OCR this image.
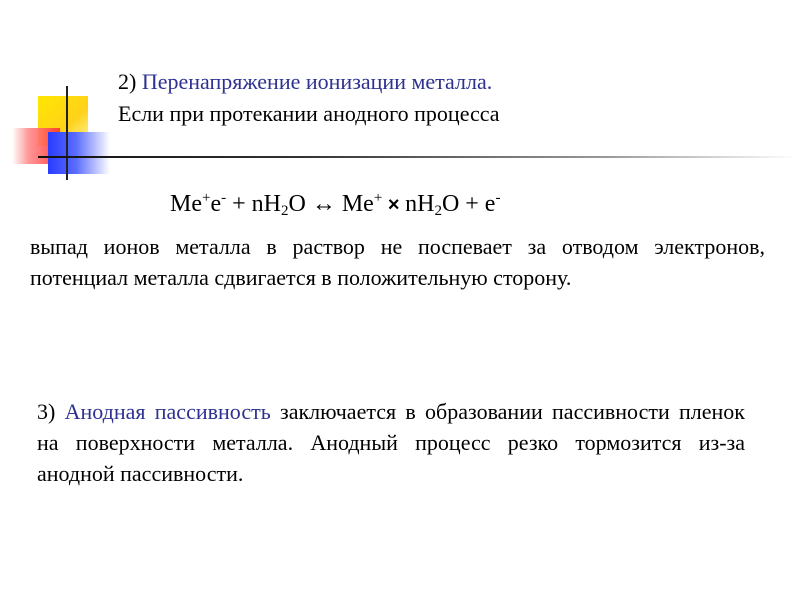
2) Перенапряжение ионизации металла.
Если при протекании анодного процесса
$Me^+e^- + nH_2O$ ↔ $Me^+ \times nH_2O + e^-$
выпад ионов металла в раствор не поспевает за отводом электронов, потенциал металла сдвигается в положительную сторону.
3) Анодная пассивность заключается в образовании пассивности пленок на поверхности металла. Анодный процесс резко тормозится из-за анодной пассивности.
